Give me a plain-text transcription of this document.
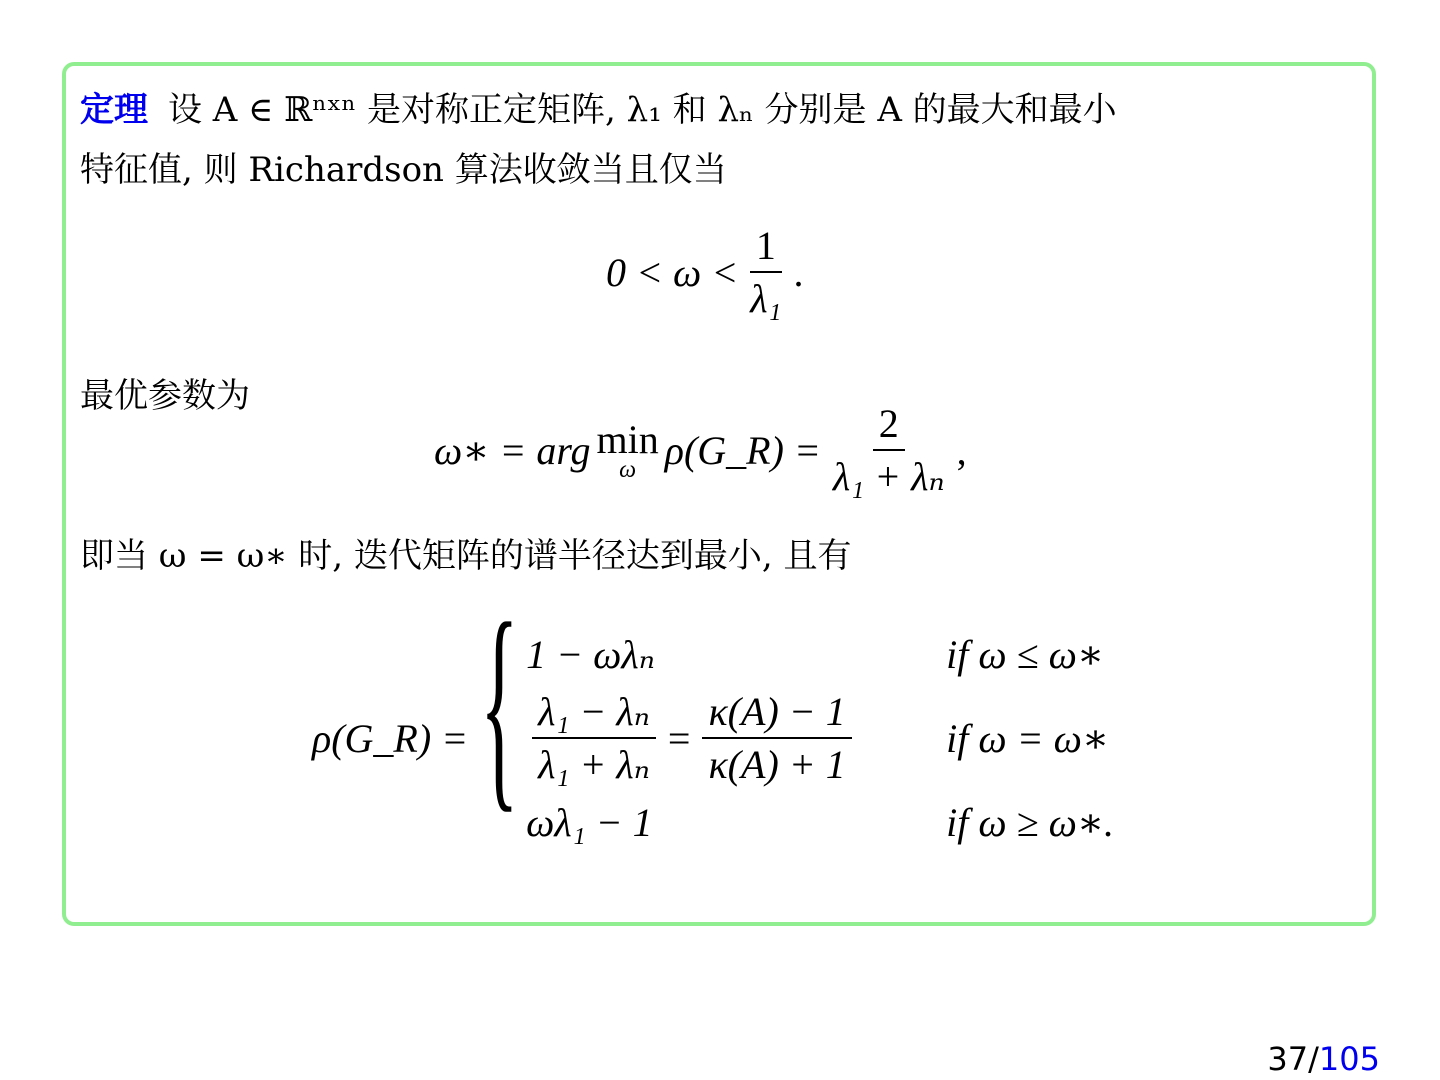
定理 设 A ∈ ℝⁿˣⁿ 是对称正定矩阵, λ₁ 和 λₙ 分别是 A 的最大和最小
特征值, 则 Richardson 算法收敛当且仅当
$0 < \omega < \frac{1}{\text{λ₁}}$ .
最优参数为
ω∗ = arg min
ω ρ(G_R) = $\frac{2}{\text{λ₁ + λₙ}}$ ,
即当 ω = ω∗ 时, 迭代矩阵的谱半径达到最小, 且有
ρ(G_R) = { 1 − ωλₙ	if ω ≤ ω∗
$\frac{\text{λ₁ − λₙ}}{\text{λ₁ + λₙ}} = \frac{\kappa(A) - 1}{\kappa(A) + 1}$ if ω = ω∗
ωλ₁ − 1	if ω ≥ ω∗.
37/105
